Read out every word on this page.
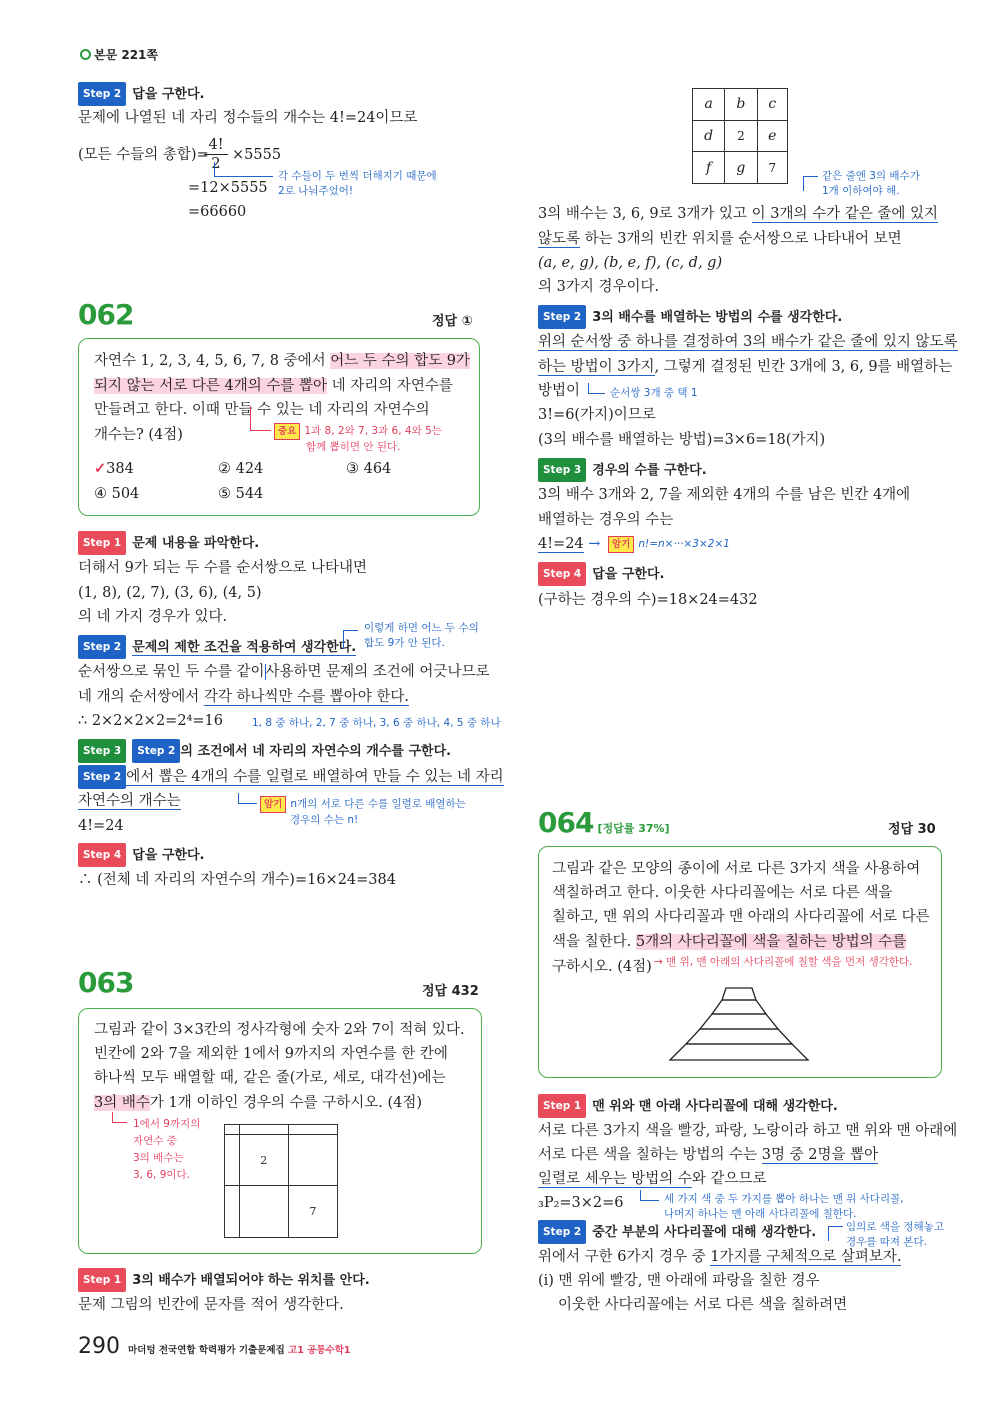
본문 221쪽
Step 2 답을 구한다.
문제에 나열된 네 자리 정수들의 개수는 4!=24이므로
(모든 수들의 총합)=
4!
2
×5555
=12×5555
=66660
각 수들이 두 번씩 더해지기 때문에
2로 나눠주었어!
062	정답 ①
자연수 1, 2, 3, 4, 5, 6, 7, 8 중에서 어느 두 수의 합도 9가
되지 않는 서로 다른 4개의 수를 뽑아 네 자리의 자연수를
만들려고 한다. 이때 만들 수 있는 네 자리의 자연수의
개수는? (4점)	중요 1과 8, 2와 7, 3과 6, 4와 5는
함께 뽑히면 안 된다.
✓384	② 424	③ 464
④ 504	⑤ 544
Step 1 문제 내용을 파악한다.
더해서 9가 되는 두 수를 순서쌍으로 나타내면
(1, 8), (2, 7), (3, 6), (4, 5)
의 네 가지 경우가 있다.
Step 2 문제의 제한 조건을 적용하여 생각한다.
이렇게 하면 어느 두 수의
합도 9가 안 된다.
순서쌍으로 묶인 두 수를 같이사용하면 문제의 조건에 어긋나므로
네 개의 순서쌍에서 각각 하나씩만 수를 뽑아야 한다.
∴ 2×2×2×2=2⁴=16	1, 8 중 하나, 2, 7 중 하나, 3, 6 중 하나, 4, 5 중 하나
Step 3 Step 2 의 조건에서 네 자리의 자연수의 개수를 구한다.
Step 2 에서 뽑은 4개의 수를 일렬로 배열하여 만들 수 있는 네 자리
자연수의 개수는	암기 n개의 서로 다른 수를 일렬로 배열하는
경우의 수는 n!
4!=24
Step 4 답을 구한다.
∴ (전체 네 자리의 자연수의 개수)=16×24=384
063	정답 432
그림과 같이 3×3칸의 정사각형에 숫자 2와 7이 적혀 있다.
빈칸에 2와 7을 제외한 1에서 9까지의 자연수를 한 칸에
하나씩 모두 배열할 때, 같은 줄(가로, 세로, 대각선)에는
3의 배수가 1개 이하인 경우의 수를 구하시오. (4점)
1에서 9까지의
자연수 중
3의 배수는
3, 6, 9이다.

	2	
		7
Step 1 3의 배수가 배열되어야 하는 위치를 안다.
문제 그림의 빈칸에 문자를 적어 생각한다.
290 마더텅 전국연합 학력평가 기출문제집 고1 공통수학1
a	b	c
d	2	e
f	g	7
같은 줄엔 3의 배수가
1개 이하여야 해.
3의 배수는 3, 6, 9로 3개가 있고 이 3개의 수가 같은 줄에 있지
않도록 하는 3개의 빈칸 위치를 순서쌍으로 나타내어 보면
(a, e, g), (b, e, f), (c, d, g)
의 3가지 경우이다.
Step 2 3의 배수를 배열하는 방법의 수를 생각한다.
위의 순서쌍 중 하나를 결정하여 3의 배수가 같은 줄에 있지 않도록
하는 방법이 3가지, 그렇게 결정된 빈칸 3개에 3, 6, 9를 배열하는
방법이	순서쌍 3개 중 택 1
3!=6(가지)이므로
(3의 배수를 배열하는 방법)=3×6=18(가지)
Step 3 경우의 수를 구한다.
3의 배수 3개와 2, 7을 제외한 4개의 수를 남은 빈칸 4개에
배열하는 경우의 수는
4!=24 →	암기 n!=n×···×3×2×1
Step 4 답을 구한다.
(구하는 경우의 수)=18×24=432
064 [정답률 37%]	정답 30
그림과 같은 모양의 종이에 서로 다른 3가지 색을 사용하여
색칠하려고 한다. 이웃한 사다리꼴에는 서로 다른 색을
칠하고, 맨 위의 사다리꼴과 맨 아래의 사다리꼴에 서로 다른
색을 칠한다. 5개의 사다리꼴에 색을 칠하는 방법의 수를
구하시오. (4점) → 맨 위, 맨 아래의 사다리꼴에 칠할 색을 먼저 생각한다.
Step 1 맨 위와 맨 아래 사다리꼴에 대해 생각한다.
서로 다른 3가지 색을 빨강, 파랑, 노랑이라 하고 맨 위와 맨 아래에
서로 다른 색을 칠하는 방법의 수는 3명 중 2명을 뽑아
일렬로 세우는 방법의 수와 같으므로
₃P₂=3×2=6	세 가지 색 중 두 가지를 뽑아 하나는 맨 위 사다리꼴,
나머지 하나는 맨 아래 사다리꼴에 칠한다.
Step 2 중간 부분의 사다리꼴에 대해 생각한다.	임의로 색을 정해놓고
경우를 따져 본다.
위에서 구한 6가지 경우 중 1가지를 구체적으로 살펴보자.
(i) 맨 위에 빨강, 맨 아래에 파랑을 칠한 경우
이웃한 사다리꼴에는 서로 다른 색을 칠하려면
